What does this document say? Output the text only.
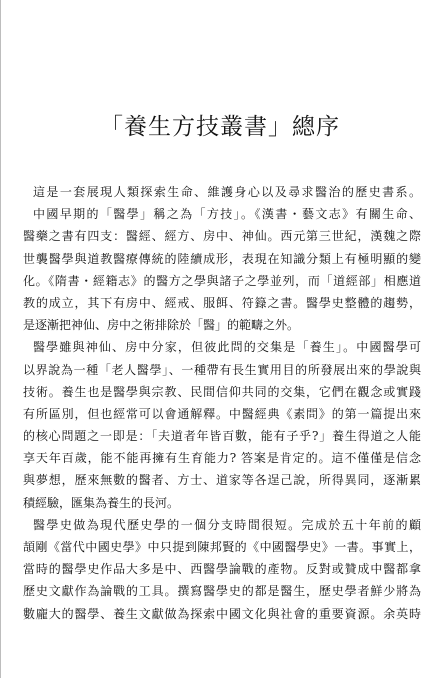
「養生方技叢書」總序
這是一套展現人類探索生命、維護身心以及尋求醫治的歷史書系。
中國早期的「醫學」稱之為「方技」。《漢書・藝文志》有關生命、
醫藥之書有四支：醫經、經方、房中、神仙。西元第三世紀，漢魏之際
世襲醫學與道教醫療傳統的陸續成形，表現在知識分類上有極明顯的變
化。《隋書・經籍志》的醫方之學與諸子之學並列，而「道經部」相應道
教的成立，其下有房中、經戒、服餌、符籙之書。醫學史整體的趨勢，
是逐漸把神仙、房中之術排除於「醫」的範疇之外。
醫學雖與神仙、房中分家，但彼此問的交集是「養生」。中國醫學可
以界說為一種「老人醫學」、一種帶有長生實用目的所發展出來的學說與
技術。養生也是醫學與宗教、民間信仰共同的交集，它們在觀念或實踐
有所區別，但也經常可以會通解釋。中醫經典《素問》的第一篇提出來
的核心問題之一即是：「夫道者年皆百數，能有子乎?」養生得道之人能
享天年百歲，能不能再擁有生育能力? 答案是肯定的。這不僅僅是信念
與夢想，歷來無數的醫者、方士、道家等各逞己說，所得異同，逐漸累
積經驗，匯集為養生的長河。
醫學史做為現代歷史學的一個分支時間很短。完成於五十年前的顧
頡剛《當代中國史學》中只提到陳邦賢的《中國醫學史》一書。事實上，
當時的醫學史作品大多是中、西醫學論戰的產物。反對或贊成中醫都拿
歷史文獻作為論戰的工具。撰寫醫學史的都是醫生，歷史學者鮮少將為
數龐大的醫學、養生文獻做為探索中國文化與社會的重要資源。余英時
